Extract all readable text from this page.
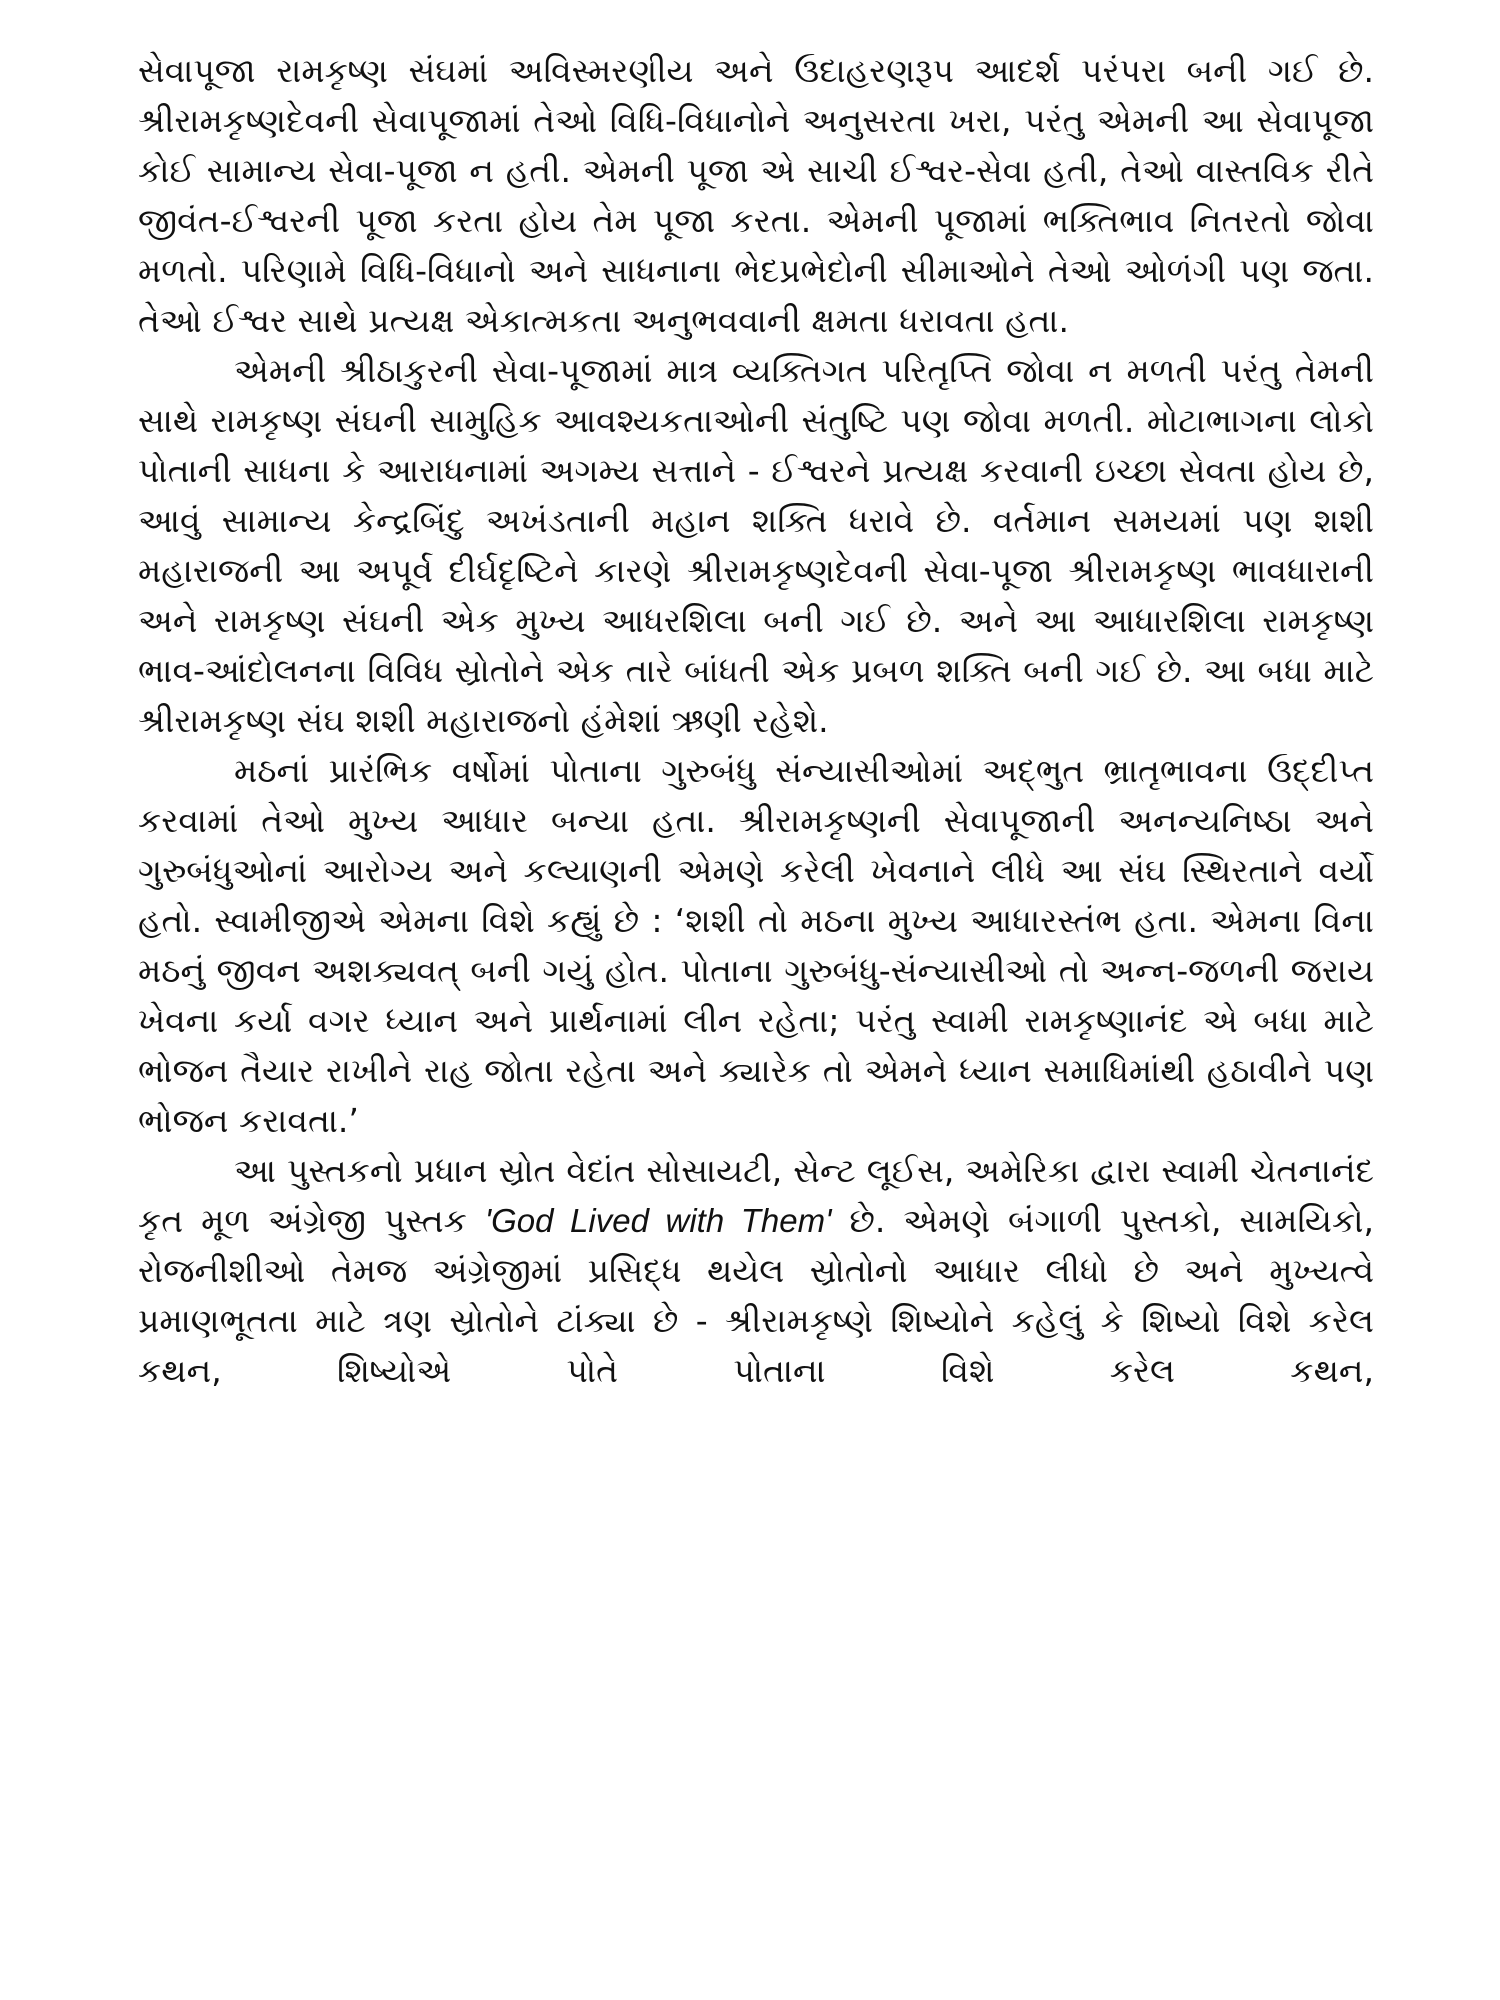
સેવાપૂજા રામકૃષ્ણ સંઘમાં અવિસ્મરણીય અને ઉદાહરણરૂપ આદર્શ પરંપરા બની ગઈ છે. શ્રીરામકૃષ્ણદેવની સેવાપૂજામાં તેઓ વિધિ-વિધાનોને અનુસરતા ખરા, પરંતુ એમની આ સેવાપૂજા કોઈ સામાન્ય સેવા-પૂજા ન હતી. એમની પૂજા એ સાચી ઈશ્વર-સેવા હતી, તેઓ વાસ્તવિક રીતે જીવંત-ઈશ્વરની પૂજા કરતા હોય તેમ પૂજા કરતા. એમની પૂજામાં ભક્તિભાવ નિતરતો જોવા મળતો. પરિણામે વિધિ-વિધાનો અને સાધનાના ભેદપ્રભેદોની સીમાઓને તેઓ ઓળંગી પણ જતા. તેઓ ઈશ્વર સાથે પ્રત્યક્ષ એકાત્મકતા અનુભવવાની ક્ષમતા ધરાવતા હતા.

એમની શ્રીઠાકુરની સેવા-પૂજામાં માત્ર વ્યક્તિગત પરિતૃપ્તિ જોવા ન મળતી પરંતુ તેમની સાથે રામકૃષ્ણ સંઘની સામુહિક આવશ્યકતાઓની સંતુષ્ટિ પણ જોવા મળતી. મોટાભાગના લોકો પોતાની સાધના કે આરાધનામાં અગમ્ય સત્તાને - ઈશ્વરને પ્રત્યક્ષ કરવાની ઇચ્છા સેવતા હોય છે, આવું સામાન્ય કેન્દ્રબિંદુ અખંડતાની મહાન શક્તિ ધરાવે છે. વર્તમાન સમયમાં પણ શશી મહારાજની આ અપૂર્વ દીર્ઘદૃષ્ટિને કારણે શ્રીરામકૃષ્ણદેવની સેવા-પૂજા શ્રીરામકૃષ્ણ ભાવધારાની અને રામકૃષ્ણ સંઘની એક મુખ્ય આધરશિલા બની ગઈ છે. અને આ આધારશિલા રામકૃષ્ણ ભાવ-આંદોલનના વિવિધ સ્રોતોને એક તારે બાંધતી એક પ્રબળ શક્તિ બની ગઈ છે. આ બધા માટે શ્રીરામકૃષ્ણ સંઘ શશી મહારાજનો હંમેશાં ઋણી રહેશે.

મઠનાં પ્રારંભિક વર્ષોમાં પોતાના ગુરુબંધુ સંન્યાસીઓમાં અદ્‌ભુત ભ્રાતૃભાવના ઉદ્દીપ્ત કરવામાં તેઓ મુખ્ય આધાર બન્યા હતા. શ્રીરામકૃષ્ણની સેવાપૂજાની અનન્યનિષ્ઠા અને ગુરુબંધુઓનાં આરોગ્ય અને કલ્યાણની એમણે કરેલી ખેવનાને લીધે આ સંઘ સ્થિરતાને વર્યો હતો. સ્વામીજીએ એમના વિશે કહ્યું છે : ‘શશી તો મઠના મુખ્ય આધારસ્તંભ હતા. એમના વિના મઠનું જીવન અશક્યવત્‌ બની ગયું હોત. પોતાના ગુરુબંધુ-સંન્યાસીઓ તો અન્ન-જળની જરાય ખેવના કર્યા વગર ધ્યાન અને પ્રાર્થનામાં લીન રહેતા; પરંતુ સ્વામી રામકૃષ્ણાનંદ એ બધા માટે ભોજન તૈયાર રાખીને રાહ જોતા રહેતા અને ક્યારેક તો એમને ધ્યાન સમાધિમાંથી હઠાવીને પણ ભોજન કરાવતા.’

આ પુસ્તકનો પ્રધાન સ્રોત વેદાંત સોસાયટી, સેન્ટ લૂઈસ, અમેરિકા દ્વારા સ્વામી ચેતનાનંદ કૃત મૂળ અંગ્રેજી પુસ્તક 'God Lived with Them' છે. એમણે બંગાળી પુસ્તકો, સામયિકો, રોજનીશીઓ તેમજ અંગ્રેજીમાં પ્રસિદ્ધ થયેલ સ્રોતોનો આધાર લીધો છે અને મુખ્યત્વે પ્રમાણભૂતતા માટે ત્રણ સ્રોતોને ટાંક્યા છે - શ્રીરામકૃષ્ણે શિષ્યોને કહેલું કે શિષ્યો વિશે કરેલ કથન, શિષ્યોએ પોતે પોતાના વિશે કરેલ કથન,
